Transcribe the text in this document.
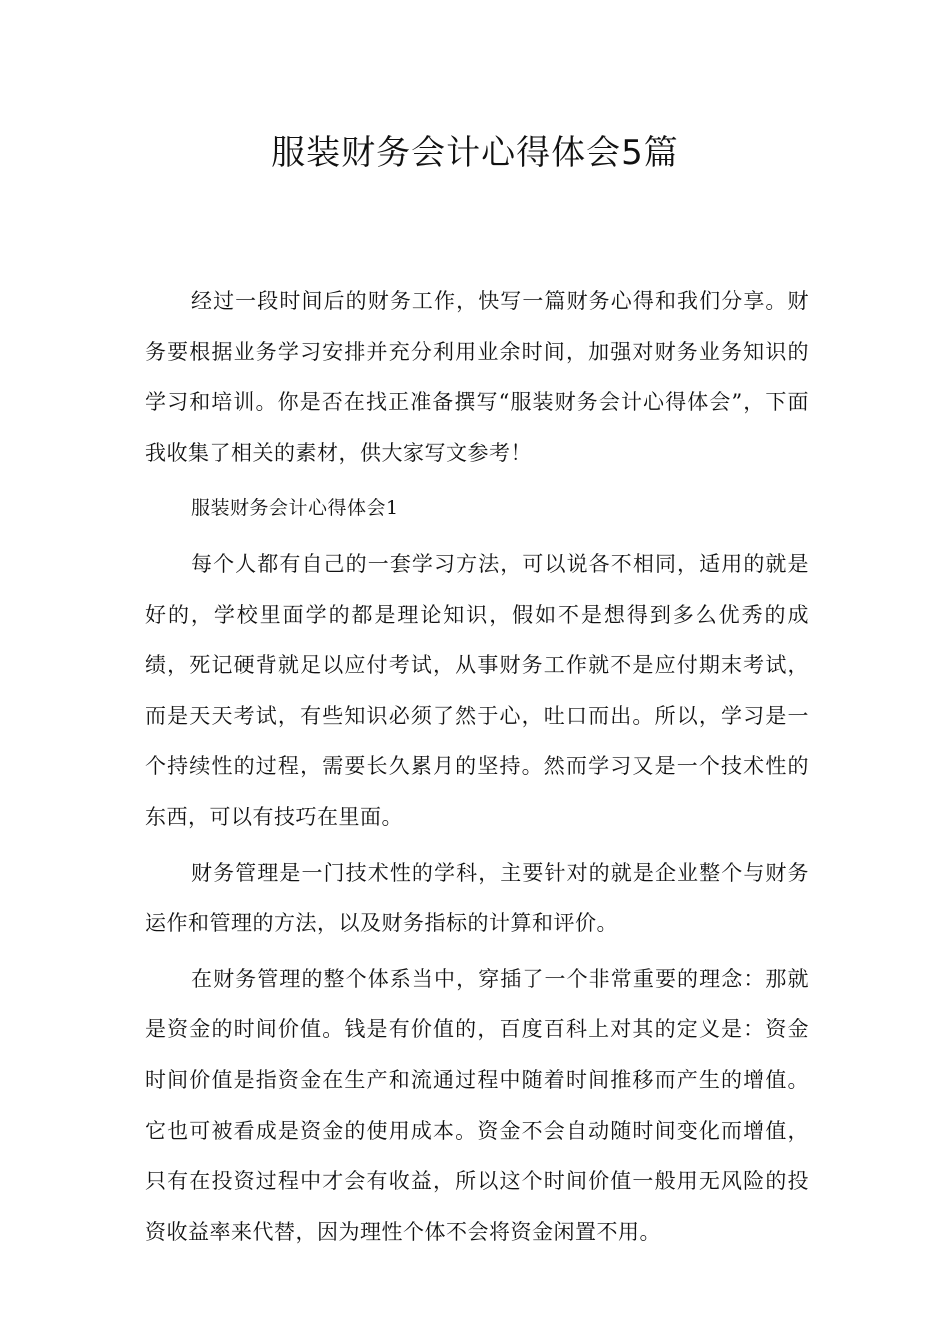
服装财务会计心得体会5篇

经过一段时间后的财务工作，快写一篇财务心得和我们分享。财务要根据业务学习安排并充分利用业余时间，加强对财务业务知识的学习和培训。你是否在找正准备撰写“服装财务会计心得体会”，下面我收集了相关的素材，供大家写文参考！

服装财务会计心得体会1

每个人都有自己的一套学习方法，可以说各不相同，适用的就是好的，学校里面学的都是理论知识，假如不是想得到多么优秀的成绩，死记硬背就足以应付考试，从事财务工作就不是应付期末考试，而是天天考试，有些知识必须了然于心，吐口而出。所以，学习是一个持续性的过程，需要长久累月的坚持。然而学习又是一个技术性的东西，可以有技巧在里面。

财务管理是一门技术性的学科，主要针对的就是企业整个与财务运作和管理的方法，以及财务指标的计算和评价。

在财务管理的整个体系当中，穿插了一个非常重要的理念：那就是资金的时间价值。钱是有价值的，百度百科上对其的定义是：资金时间价值是指资金在生产和流通过程中随着时间推移而产生的增值。它也可被看成是资金的使用成本。资金不会自动随时间变化而增值，只有在投资过程中才会有收益，所以这个时间价值一般用无风险的投资收益率来代替，因为理性个体不会将资金闲置不用。
